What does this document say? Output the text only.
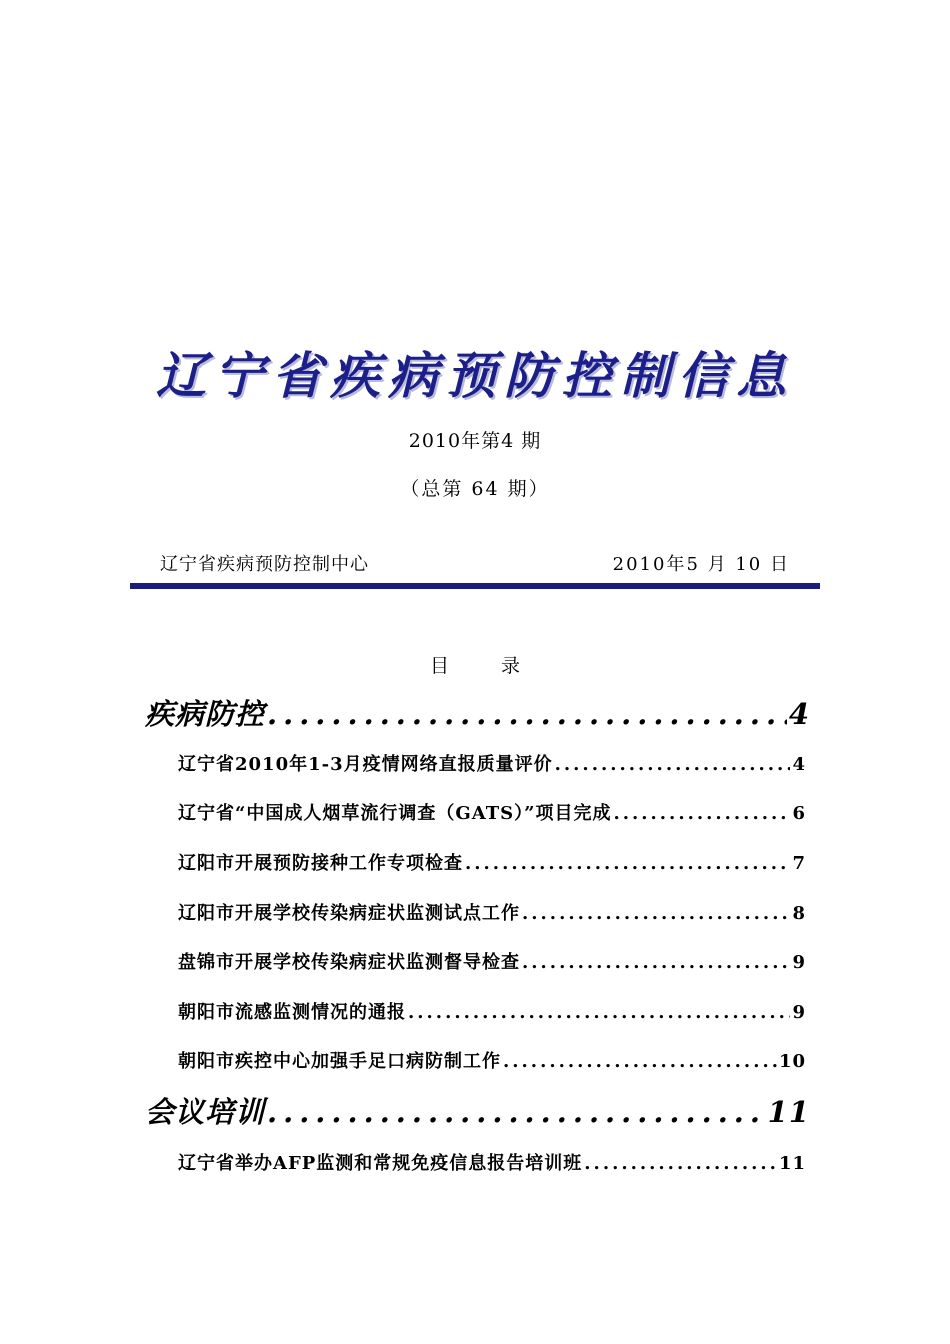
辽宁省疾病预防控制信息
2010年第4 期
（总第 64 期）
辽宁省疾病预防控制中心	2010年5 月 10 日
目录
疾病防控 .....	4
辽宁省2010年1-3月疫情网络直报质量评价 .....	4
辽宁省“中国成人烟草流行调查（GATS）”项目完成 .....	6
辽阳市开展预防接种工作专项检查 .....	7
辽阳市开展学校传染病症状监测试点工作 .....	8
盘锦市开展学校传染病症状监测督导检查 .....	9
朝阳市流感监测情况的通报 .....	9
朝阳市疾控中心加强手足口病防制工作 .....	10
会议培训 .....	11
辽宁省举办AFP监测和常规免疫信息报告培训班 .....	11
